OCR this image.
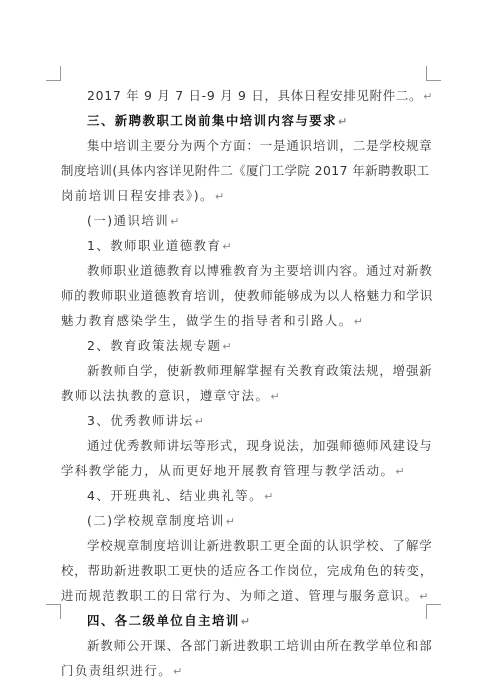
2017 年 9 月 7 日-9 月 9 日，具体日程安排见附件二。↵
三、新聘教职工岗前集中培训内容与要求↵
集中培训主要分为两个方面：一是通识培训，二是学校规章
制度培训(具体内容详见附件二《厦门工学院 2017 年新聘教职工
岗前培训日程安排表》)。↵
(一)通识培训↵
1、教师职业道德教育↵
教师职业道德教育以博雅教育为主要培训内容。通过对新教
师的教师职业道德教育培训，使教师能够成为以人格魅力和学识
魅力教育感染学生，做学生的指导者和引路人。↵
2、教育政策法规专题↵
新教师自学，使新教师理解掌握有关教育政策法规，增强新
教师以法执教的意识，遵章守法。↵
3、优秀教师讲坛↵
通过优秀教师讲坛等形式，现身说法，加强师德师风建设与
学科教学能力，从而更好地开展教育管理与教学活动。↵
4、开班典礼、结业典礼等。↵
(二)学校规章制度培训↵
学校规章制度培训让新进教职工更全面的认识学校、了解学
校，帮助新进教职工更快的适应各工作岗位，完成角色的转变，
进而规范教职工的日常行为、为师之道、管理与服务意识。↵
四、各二级单位自主培训↵
新教师公开课、各部门新进教职工培训由所在教学单位和部
门负责组织进行。↵
